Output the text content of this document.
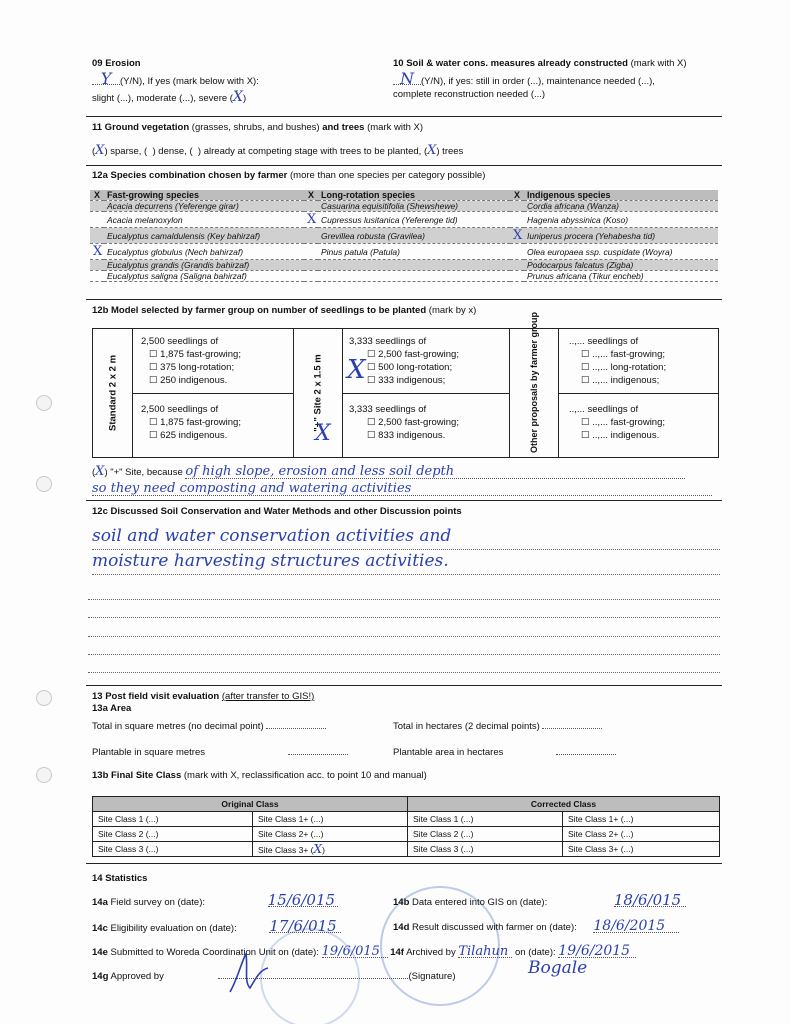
09 Erosion
Y (Y/N), If yes (mark below with X):
slight (...), moderate (...), severe (X)
10 Soil & water cons. measures already constructed (mark with X)
N (Y/N), if yes: still in order (...), maintenance needed (...),
complete reconstruction needed (...)
11 Ground vegetation (grasses, shrubs, and bushes) and trees (mark with X)
(X) sparse, ( ) dense, ( ) already at competing stage with trees to be planted, (X) trees
12a Species combination chosen by farmer (more than one species per category possible)
X	Fast-growing species	X	Long-rotation species	X	Indigenous species
	Acacia decurrens (Yeferenge girar)		Casuarina equisitifolia (Shewshewe)		Cordia africana (Wanza)
	Acacia melanoxylon	X	Cupressus lusitanica (Yeferenge tid)		Hagenia abyssinica (Koso)
	Eucalyptus camaldulensis (Key bahirzaf)		Grevillea robusta (Gravilea)	X	Iuniperus procera (Yehabesha tid)
X	Eucalyptus globulus (Nech bahirzaf)		Pinus patula (Patula)		Olea europaea ssp. cuspidate (Woyra)
	Eucalyptus grandis (Grandis bahirzaf)				Podocarpus falcatus (Zigba)
	Eucalyptus saligna (Saligna bahirzaf)				Prunus africana (Tikur encheb)
12b Model selected by farmer group on number of seedlings to be planted (mark by x)
Standard 2 x 2 m	"+" Site 2 x 1.5 m	Other proposals by farmer group
2,500 seedlings of
☐ 1,875 fast-growing;
☐ 375 long-rotation;
☐ 250 indigenous.
2,500 seedlings of
☐ 1,875 fast-growing;
☐ 625 indigenous.
3,333 seedlings of
☐ 2,500 fast-growing;
☐ 500 long-rotation;
☐ 333 indigenous;
X
3,333 seedlings of
☐ 2,500 fast-growing;
☐ 833 indigenous.
X
..,... seedlings of
☐ ..,... fast-growing;
☐ ..,... long-rotation;
☐ ..,... indigenous;
..,... seedlings of
☐ ..,... fast-growing;
☐ ..,... indigenous.
(X) "+" Site, because of high slope, erosion and less soil depth
so they need composting and watering activities
12c Discussed Soil Conservation and Water Methods and other Discussion points
soil and water conservation activities and
moisture harvesting structures activities.
13 Post field visit evaluation (after transfer to GIS!)
13a Area
Total in square metres (no decimal point)	Total in hectares (2 decimal points)
Plantable in square metres	Plantable area in hectares
13b Final Site Class (mark with X, reclassification acc. to point 10 and manual)
Original Class		Corrected Class	
Site Class 1 (...)	Site Class 1+ (...)	Site Class 1 (...)	Site Class 1+ (...)
Site Class 2 (...)	Site Class 2+ (...)	Site Class 2 (...)	Site Class 2+ (...)
Site Class 3 (...)	Site Class 3+ (X)	Site Class 3 (...)	Site Class 3+ (...)
14 Statistics
14a Field survey on (date):	15/6/015	14b Data entered into GIS on (date):	18/6/015
14c Eligibility evaluation on (date): 17/6/015	14d Result discussed with farmer on (date): 18/6/2015
14e Submitted to Woreda Coordination Unit on (date): 19/6/015 14f Archived by Tilahun on (date): 19/6/2015
Bogale
14g Approved by	(Signature)
